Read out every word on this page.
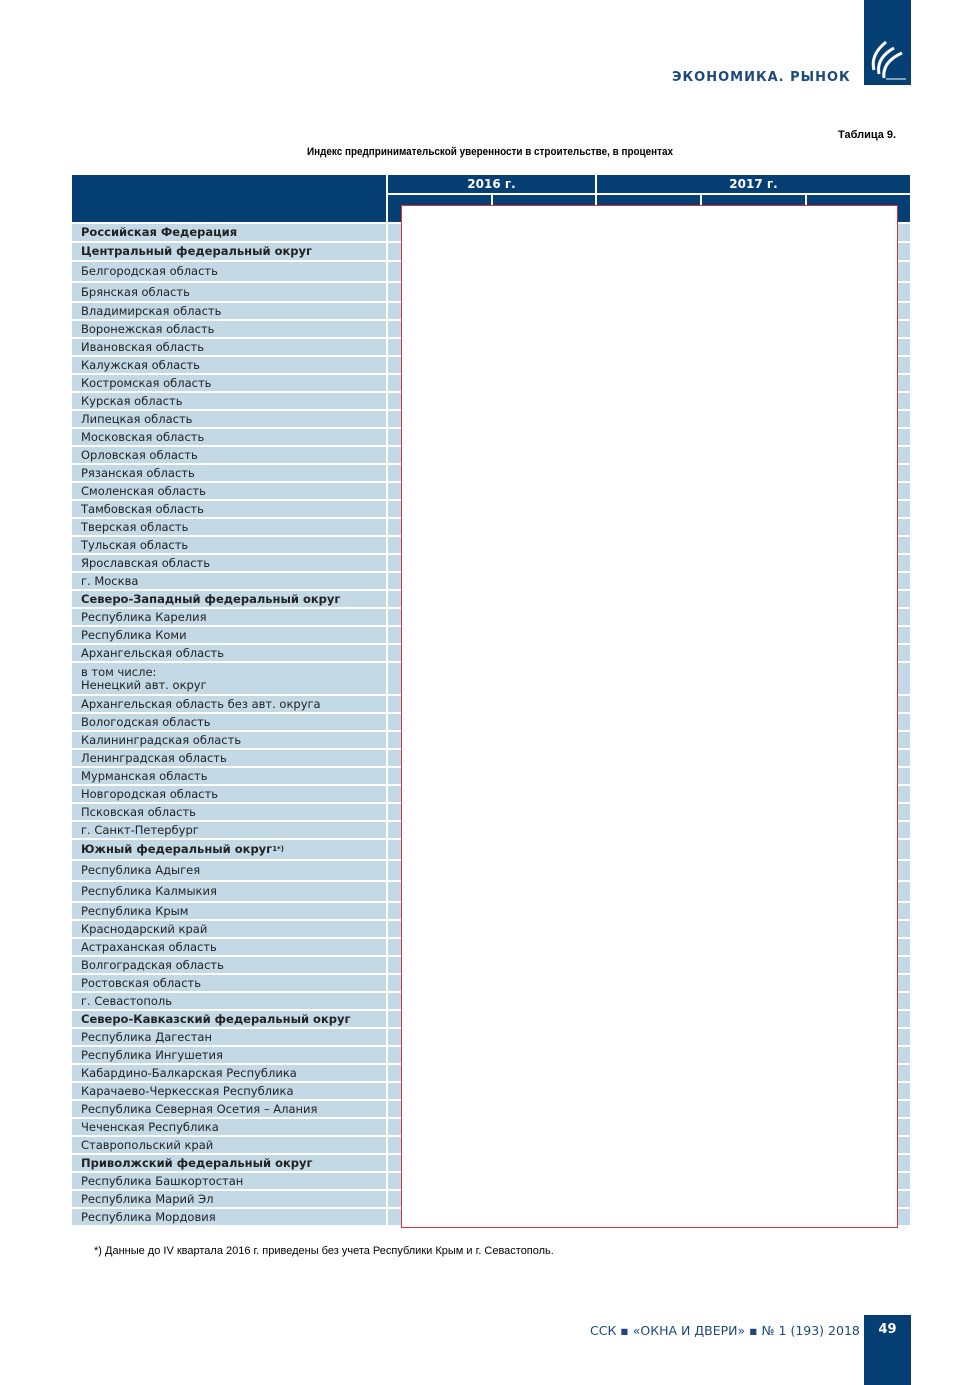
ЭКОНОМИКА. РЫНОК
Таблица 9.
Индекс предпринимательской уверенности в строительстве, в процентах
2016 г.	2017 г.
Российская Федерация
Центральный федеральный округ
Белгородская область
Брянская область
Владимирская область
Воронежская область
Ивановская область
Калужская область
Костромская область
Курская область
Липецкая область
Московская область
Орловская область
Рязанская область
Смоленская область
Тамбовская область
Тверская область
Тульская область
Ярославская область
г. Москва
Северо-Западный федеральный округ
Республика Карелия
Республика Коми
Архангельская область
в том числе:
Ненецкий авт. округ
Архангельская область без авт. округа
Вологодская область
Калининградская область
Ленинградская область
Мурманская область
Новгородская область
Псковская область
г. Санкт-Петербург
Южный федеральный округ 1*)
Республика Адыгея
Республика Калмыкия
Республика Крым
Краснодарский край
Астраханская область
Волгоградская область
Ростовская область
г. Севастополь
Северо-Кавказский федеральный округ
Республика Дагестан
Республика Ингушетия
Кабардино-Балкарская Республика
Карачаево-Черкесская Республика
Республика Северная Осетия – Алания
Чеченская Республика
Ставропольский край
Приволжский федеральный округ
Республика Башкортостан
Республика Марий Эл
Республика Мордовия
*) Данные до IV квартала 2016 г. приведены без учета Республики Крым и г. Севастополь.
ССК ▪ «ОКНА И ДВЕРИ» ▪ № 1 (193) 2018	49
